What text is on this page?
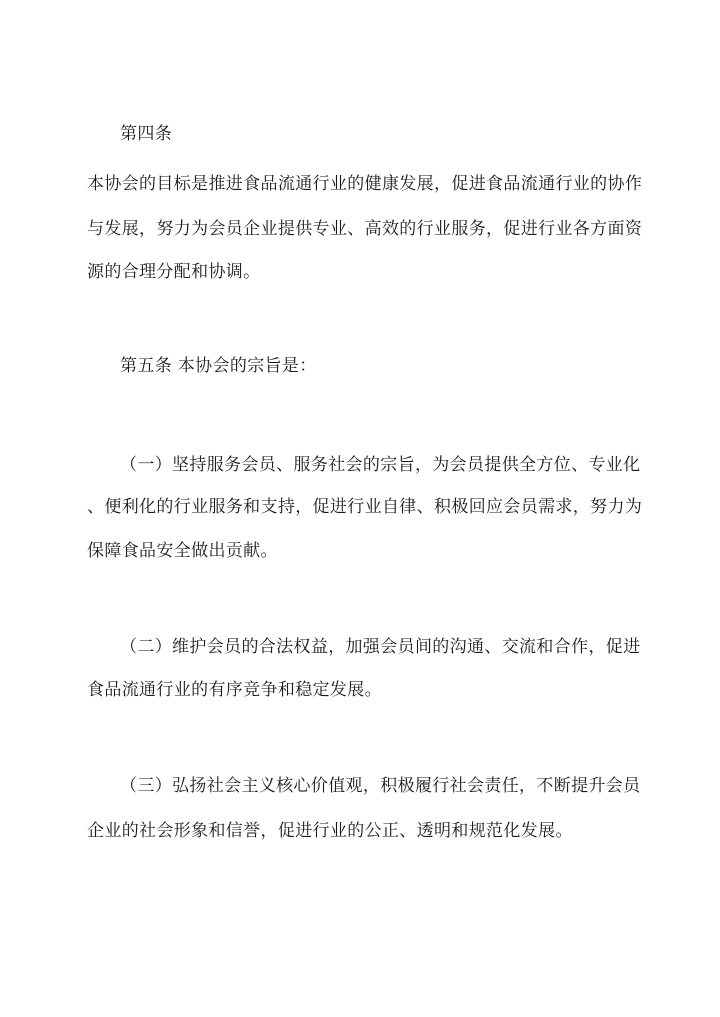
第四条
本协会的目标是推进食品流通行业的健康发展，促进食品流通行业的协作
与发展，努力为会员企业提供专业、高效的行业服务，促进行业各方面资
源的合理分配和协调。
第五条 本协会的宗旨是：
（一）坚持服务会员、服务社会的宗旨，为会员提供全方位、专业化
、便利化的行业服务和支持，促进行业自律、积极回应会员需求，努力为
保障食品安全做出贡献。
（二）维护会员的合法权益，加强会员间的沟通、交流和合作，促进
食品流通行业的有序竞争和稳定发展。
（三）弘扬社会主义核心价值观，积极履行社会责任，不断提升会员
企业的社会形象和信誉，促进行业的公正、透明和规范化发展。
